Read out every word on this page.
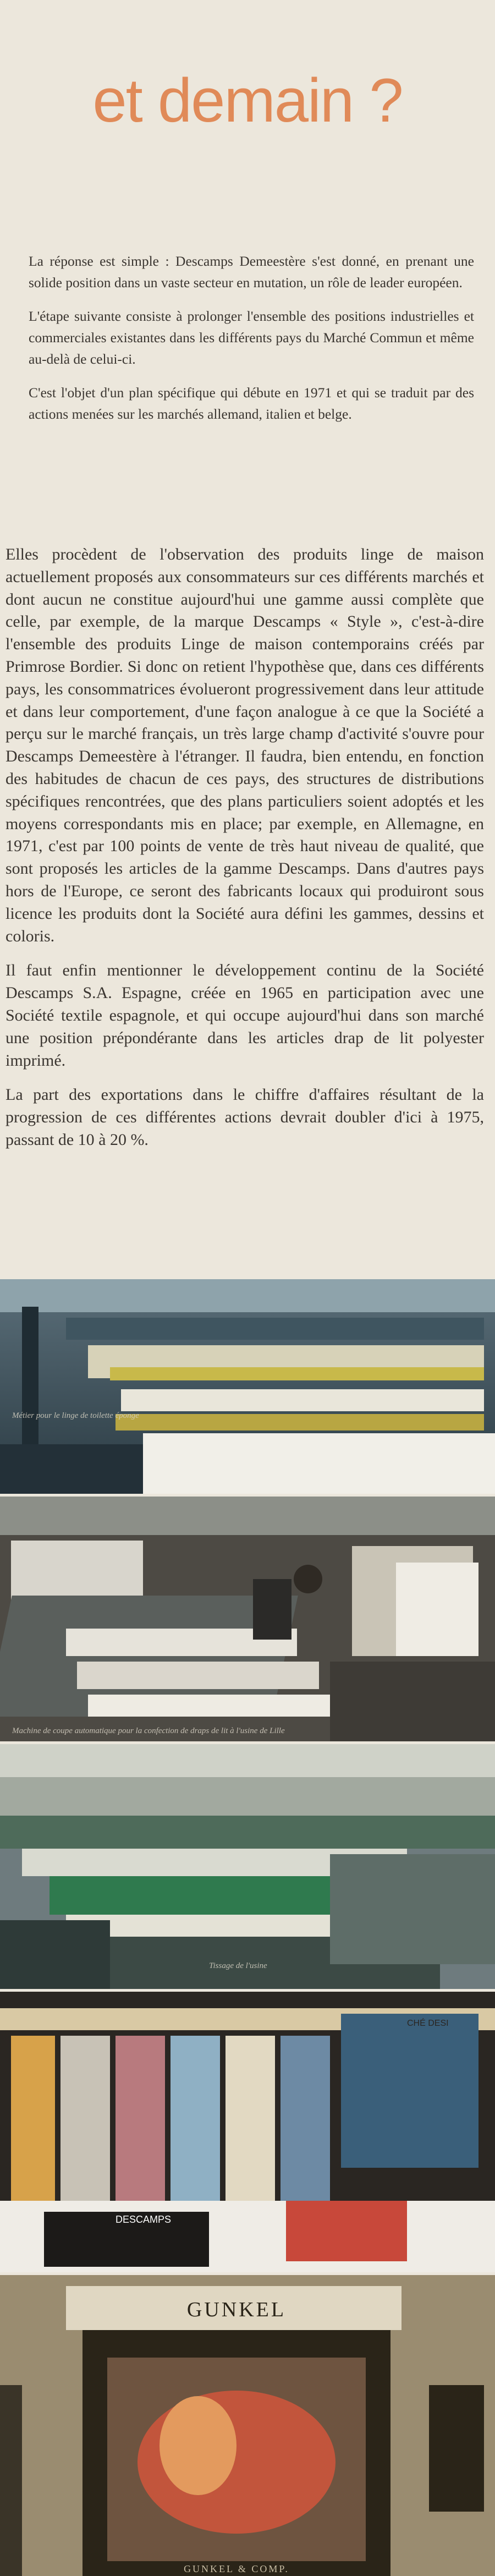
et demain ?

La réponse est simple : Descamps Demeestère s'est donné, en prenant une solide position dans un vaste secteur en mutation, un rôle de leader européen.

L'étape suivante consiste à prolonger l'ensemble des positions industrielles et commerciales existantes dans les différents pays du Marché Commun et même au-delà de celui-ci.

C'est l'objet d'un plan spécifique qui débute en 1971 et qui se traduit par des actions menées sur les marchés allemand, italien et belge.

Elles procèdent de l'observation des produits linge de maison actuellement proposés aux consommateurs sur ces différents marchés et dont aucun ne constitue aujourd'hui une gamme aussi complète que celle, par exemple, de la marque Descamps « Style », c'est-à-dire l'ensemble des produits Linge de maison contemporains créés par Primrose Bordier. Si donc on retient l'hypothèse que, dans ces différents pays, les consommatrices évolueront progressivement dans leur attitude et dans leur comportement, d'une façon analogue à ce que la Société a perçu sur le marché français, un très large champ d'activité s'ouvre pour Descamps Demeestère à l'étranger. Il faudra, bien entendu, en fonction des habitudes de chacun de ces pays, des structures de distributions spécifiques rencontrées, que des plans particuliers soient adoptés et les moyens correspondants mis en place; par exemple, en Allemagne, en 1971, c'est par 100 points de vente de très haut niveau de qualité, que sont proposés les articles de la gamme Descamps. Dans d'autres pays hors de l'Europe, ce seront des fabricants locaux qui produiront sous licence les produits dont la Société aura défini les gammes, dessins et coloris.

Il faut enfin mentionner le développement continu de la Société Descamps S.A. Espagne, créée en 1965 en participation avec une Société textile espagnole, et qui occupe aujourd'hui dans son marché une position prépondérante dans les articles drap de lit polyester imprimé.

La part des exportations dans le chiffre d'affaires résultant de la progression de ces différentes actions devrait doubler d'ici à 1975, passant de 10 à 20 %.

Métier pour le linge de toilette éponge
Machine de coupe automatique pour la confection de draps de lit à l'usine de Lille
Tissage de l'usine
DESCAMPS
CHÉ DESI
GUNKEL
GUNKEL & COMP.
